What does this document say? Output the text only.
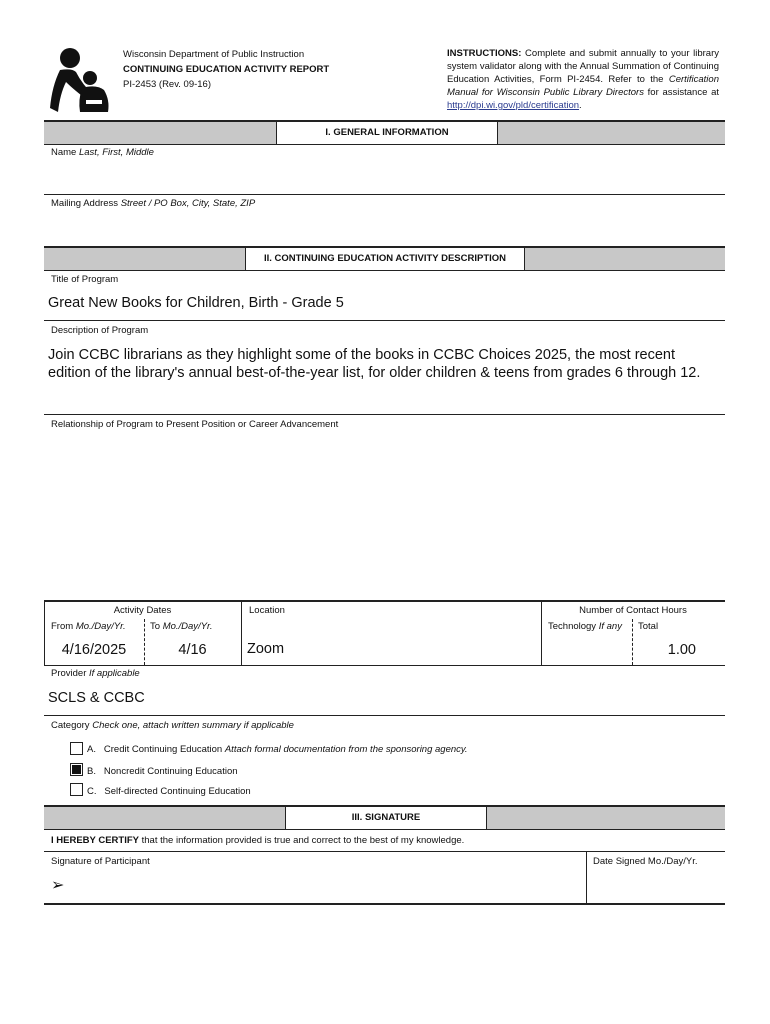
Wisconsin Department of Public Instruction
CONTINUING EDUCATION ACTIVITY REPORT
PI-2453 (Rev. 09-16)
INSTRUCTIONS: Complete and submit annually to your library system validator along with the Annual Summation of Continuing Education Activities, Form PI-2454. Refer to the Certification Manual for Wisconsin Public Library Directors for assistance at http://dpi.wi.gov/pld/certification.
I. GENERAL INFORMATION
Name Last, First, Middle
Mailing Address Street / PO Box, City, State, ZIP
II. CONTINUING EDUCATION ACTIVITY DESCRIPTION
Title of Program
Great New Books for Children, Birth - Grade 5
Description of Program
Join CCBC librarians as they highlight some of the books in CCBC Choices 2025, the most recent edition of the library's annual best-of-the-year list, for older children & teens from grades 6 through 12.
Relationship of Program to Present Position or Career Advancement
Activity Dates
From Mo./Day/Yr.	To Mo./Day/Yr.
4/16/2025	4/16
Location
Zoom
Number of Contact Hours
Technology If any Total
1.00
Provider If applicable
SCLS & CCBC
Category Check one, attach written summary if applicable
A. Credit Continuing Education Attach formal documentation from the sponsoring agency.
B. Noncredit Continuing Education
C. Self-directed Continuing Education
III. SIGNATURE
I HEREBY CERTIFY that the information provided is true and correct to the best of my knowledge.
Signature of Participant
➢
Date Signed Mo./Day/Yr.
